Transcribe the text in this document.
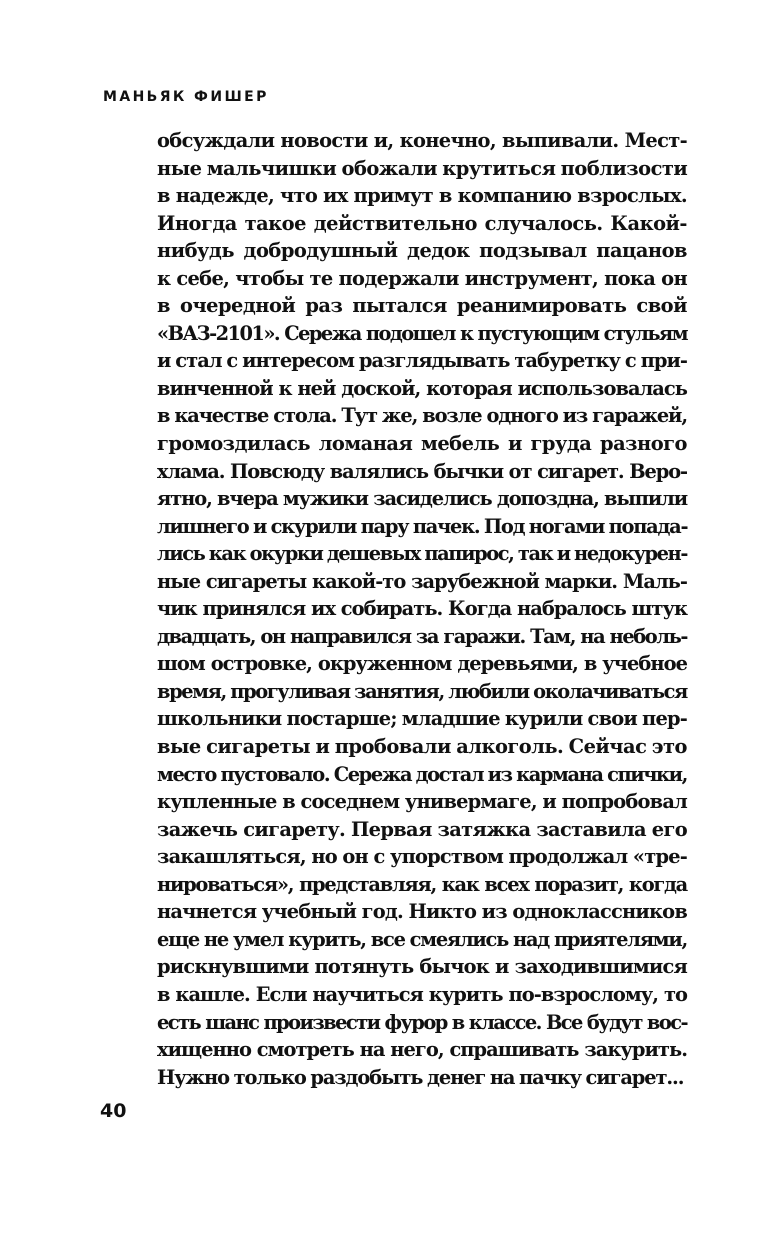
МАНЬЯК ФИШЕР
обсуждали новости и, конечно, выпивали. Мест-
ные мальчишки обожали крутиться поблизости
в надежде, что их примут в компанию взрослых.
Иногда такое действительно случалось. Какой-
нибудь добродушный дедок подзывал пацанов
к себе, чтобы те подержали инструмент, пока он
в очередной раз пытался реанимировать свой
«ВАЗ-2101». Сережа подошел к пустующим стульям
и стал с интересом разглядывать табуретку с при-
винченной к ней доской, которая использовалась
в качестве стола. Тут же, возле одного из гаражей,
громоздилась ломаная мебель и груда разного
хлама. Повсюду валялись бычки от сигарет. Веро-
ятно, вчера мужики засиделись допоздна, выпили
лишнего и скурили пару пачек. Под ногами попада-
лись как окурки дешевых папирос, так и недокурен-
ные сигареты какой-то зарубежной марки. Маль-
чик принялся их собирать. Когда набралось штук
двадцать, он направился за гаражи. Там, на неболь-
шом островке, окруженном деревьями, в учебное
время, прогуливая занятия, любили околачиваться
школьники постарше; младшие курили свои пер-
вые сигареты и пробовали алкоголь. Сейчас это
место пустовало. Сережа достал из кармана спички,
купленные в соседнем универмаге, и попробовал
зажечь сигарету. Первая затяжка заставила его
закашляться, но он с упорством продолжал «тре-
нироваться», представляя, как всех поразит, когда
начнется учебный год. Никто из одноклассников
еще не умел курить, все смеялись над приятелями,
рискнувшими потянуть бычок и заходившимися
в кашле. Если научиться курить по-взрослому, то
есть шанс произвести фурор в классе. Все будут вос-
хищенно смотреть на него, спрашивать закурить.
Нужно только раздобыть денег на пачку сигарет...
40
